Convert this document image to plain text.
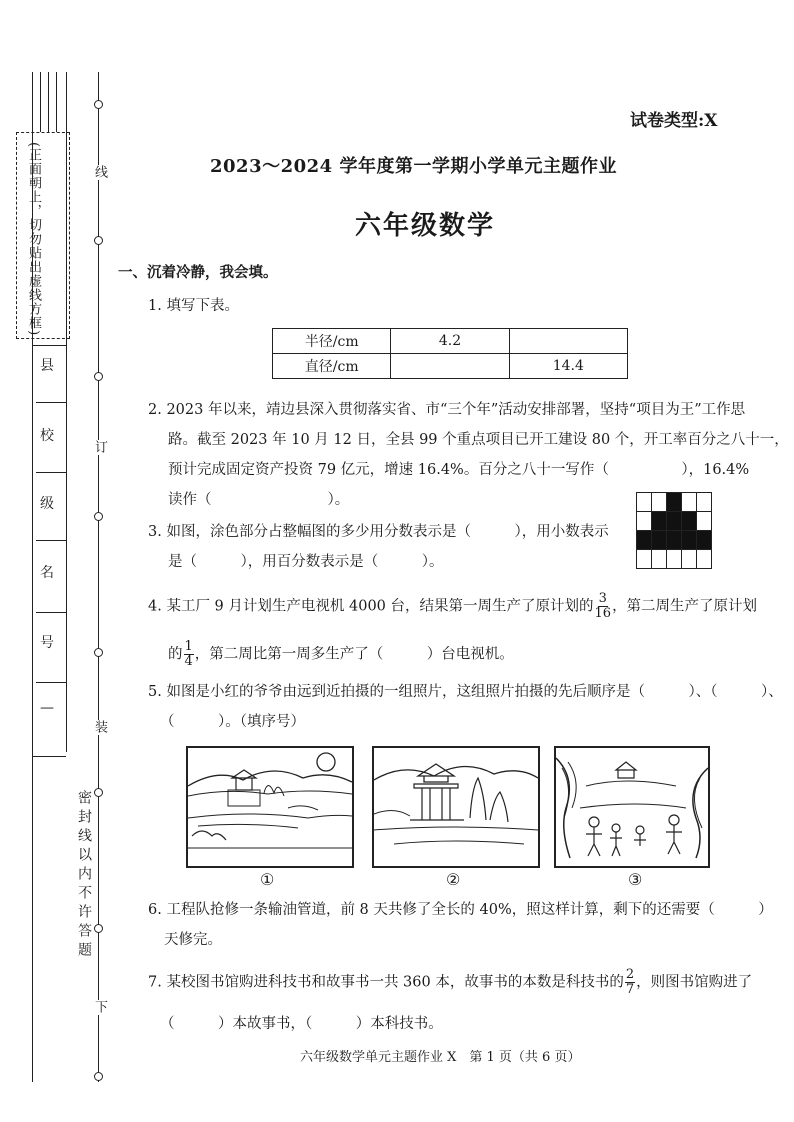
(正面朝上，切勿贴出虚线方框)
县
校
级
名
号
—
线
订
装
密封线以内不许答题
下
试卷类型:X
2023～2024 学年度第一学期小学单元主题作业
六年级数学
一、沉着冷静，我会填。
1. 填写下表。
半径/cm	4.2	
直径/cm		14.4
2. 2023 年以来，靖边县深入贯彻落实省、市“三个年”活动安排部署，坚持“项目为王”工作思
路。截至 2023 年 10 月 12 日，全县 99 个重点项目已开工建设 80 个，开工率百分之八十一，
预计完成固定资产投资 79 亿元，增速 16.4%。百分之八十一写作（　　　　　），16.4%
读作（　　　　　　　　）。
3. 如图，涂色部分占整幅图的多少用分数表示是（　　　），用小数表示
是（　　　），用百分数表示是（　　　）。

4. 某工厂 9 月计划生产电视机 4000 台，结果第一周生产了原计划的 $\frac{3}{16}$ ，第二周生产了原计划
的 $\frac{1}{4}$ ，第二周比第一周多生产了（　　　）台电视机。
5. 如图是小红的爷爷由远到近拍摄的一组照片，这组照片拍摄的先后顺序是（　　　）、（　　　）、
（　　　）。（填序号）
①	②	③
6. 工程队抢修一条输油管道，前 8 天共修了全长的 40%，照这样计算，剩下的还需要（　　　）
天修完。
7. 某校图书馆购进科技书和故事书一共 360 本，故事书的本数是科技书的 $\frac{2}{7}$ ，则图书馆购进了
（　　　）本故事书，（　　　）本科技书。
六年级数学单元主题作业 X　第 1 页（共 6 页）
